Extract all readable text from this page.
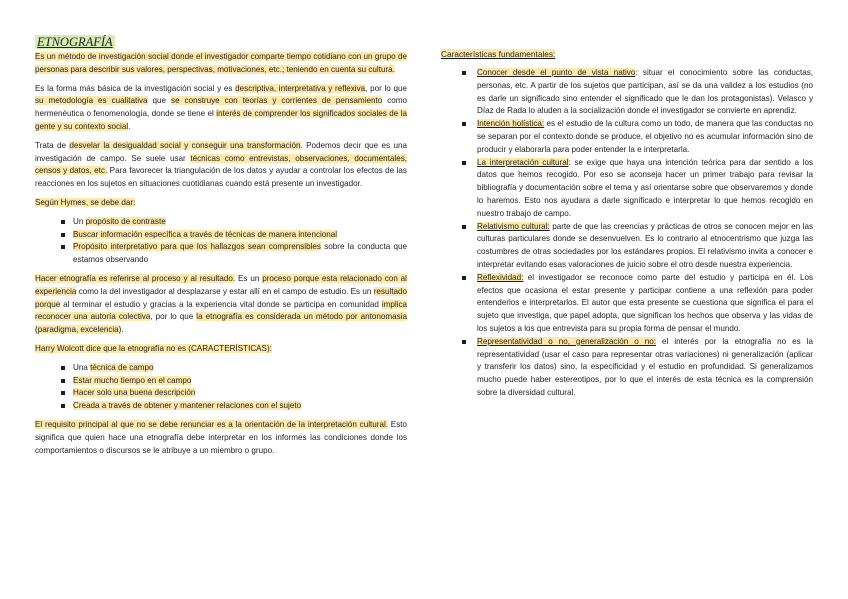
ETNOGRAFÍA

Es un método de investigación social donde el investigador comparte tiempo cotidiano con un grupo de personas para describir sus valores, perspectivas, motivaciones, etc.; teniendo en cuenta su cultura.

Es la forma más básica de la investigación social y es descriptiva, interpretativa y reflexiva, por lo que su metodología es cualitativa que se construye con teorías y corrientes de pensamiento como hermenéutica o fenomenología, donde se tiene el interés de comprender los significados sociales de la gente y su contexto social.

Trata de desvelar la desigualdad social y conseguir una transformación. Podemos decir que es una investigación de campo. Se suele usar técnicas como entrevistas, observaciones, documentales, censos y datos, etc. Para favorecer la triangulación de los datos y ayudar a controlar los efectos de las reacciones en los sujetos en situaciones cuotidianas cuando está presente un investigador.

Según Hymes, se debe dar:

Un propósito de contraste
Buscar información específica a través de técnicas de manera intencional
Propósito interpretativo para que los hallazgos sean comprensibles sobre la conducta que estamos observando

Hacer etnografía es referirse al proceso y al resultado. Es un proceso porque esta relacionado con al experiencia como la del investigador al desplazarse y estar allí en el campo de estudio. Es un resultado porque al terminar el estudio y gracias a la experiencia vital donde se participa en comunidad implica reconocer una autoría colectiva, por lo que la etnografía es considerada un método por antonomasia (paradigma, excelencia).

Harry Wolcott dice que la etnografía no es (CARACTERÍSTICAS):

Una técnica de campo
Estar mucho tiempo en el campo
Hacer solo una buena descripción
Creada a través de obtener y mantener relaciones con el sujeto

El requisito principal al que no se debe renunciar es a la orientación de la interpretación cultural. Esto significa que quien hace una etnografía debe interpretar en los informes las condiciones donde los comportamientos o discursos se le atribuye a un miembro o grupo.

Características fundamentales:
Conocer desde el punto de vista nativo: situar el conocimiento sobre las conductas, personas, etc. A partir de los sujetos que participan, así se da una validez a los estudios (no es darle un significado sino entender el significado que le dan los protagonistas). Velasco y Díaz de Rada lo aluden a la socialización donde el investigador se convierte en aprendiz.
Intención holística: es el estudio de la cultura como un todo, de manera que las conductas no se separan por el contexto donde se produce, el objetivo no es acumular información sino de producir y elaborarla para poder entender la e interpretarla.
La interpretación cultural: se exige que haya una intención teórica para dar sentido a los datos que hemos recogido. Por eso se aconseja hacer un primer trabajo para revisar la bibliografía y documentación sobre el tema y así orientarse sobre que observaremos y donde lo haremos. Esto nos ayudara a darle significado e interpretar lo que hemos recogido en nuestro trabajo de campo.
Relativismo cultural: parte de que las creencias y prácticas de otros se conocen mejor en las culturas particulares donde se desenvuelven. Es lo contrario al etnocentrismo que juzga las costumbres de otras sociedades por los estándares propios. El relativismo invita a conocer e interpretar evitando esas valoraciones de juicio sobre el otro desde nuestra experiencia.
Reflexividad: el investigador se reconoce como parte del estudio y participa en él. Los efectos que ocasiona el estar presente y participar contiene a una reflexión para poder entenderlos e interpretarlos. El autor que esta presente se cuestiona que significa el para el sujeto que investiga, que papel adopta, que significan los hechos que observa y las vidas de los sujetos a los que entrevista para su propia forma de pensar el mundo.
Representatividad o no, generalización o no: el interés por la etnografía no es la representatividad (usar el caso para representar otras variaciones) ni generalización (aplicar y transferir los datos) sino, la especificidad y el estudio en profundidad. Si generalizamos mucho puede haber estereotipos, por lo que el interés de esta técnica es la comprensión sobre la diversidad cultural.
